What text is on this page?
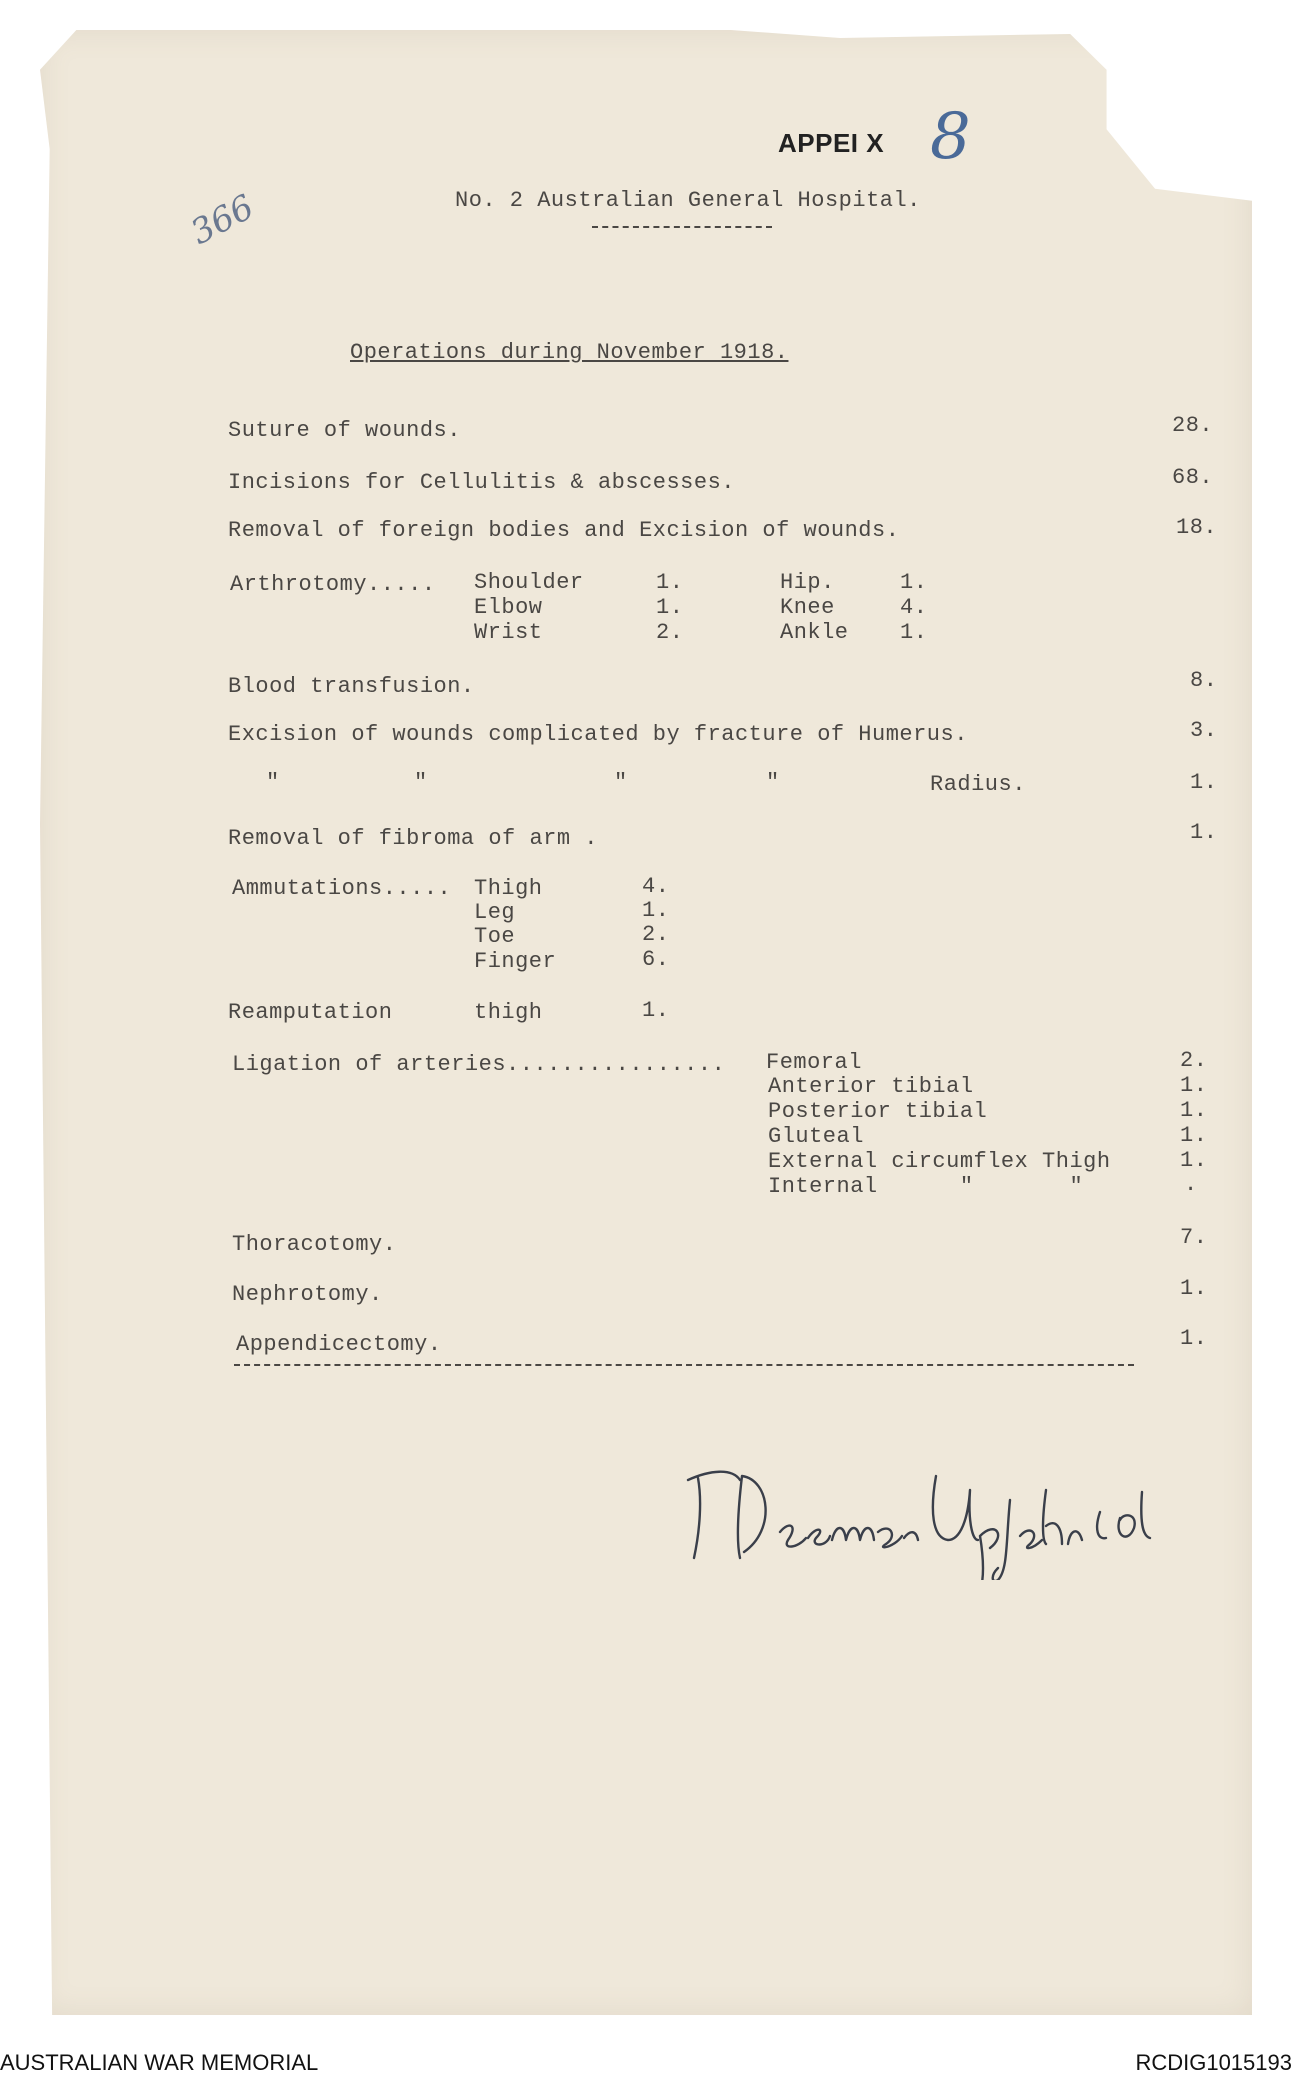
APPEI X 8
366	No. 2 Australian General Hospital.
Operations during November 1918.
Suture of wounds.	28.
Incisions for Cellulitis & abscesses.	68.
Removal of foreign bodies and Excision of wounds.	18.
Arthrotomy..... Shoulder	1.	Hip.	1.
Elbow	1.	Knee	4.
Wrist	2.	Ankle 1.
Blood transfusion.	8.
Excision of wounds complicated by fracture of Humerus.	3.
"	"	"	"	Radius.	1.
Removal of fibroma of arm .	1.
Ammutations..... Thigh	4.
Leg	1.
Toe	2.
Finger	6.
Reamputation	thigh	1.
Ligation of arteries................ Femoral	2.
Anterior tibial	1.
Posterior tibial	1.
Gluteal	1.
External circumflex Thigh	1.
Internal      "       "	.
Thoracotomy.	7.
Nephrotomy.	1.
Appendicectomy.	1.
AUSTRALIAN WAR MEMORIAL	RCDIG1015193
